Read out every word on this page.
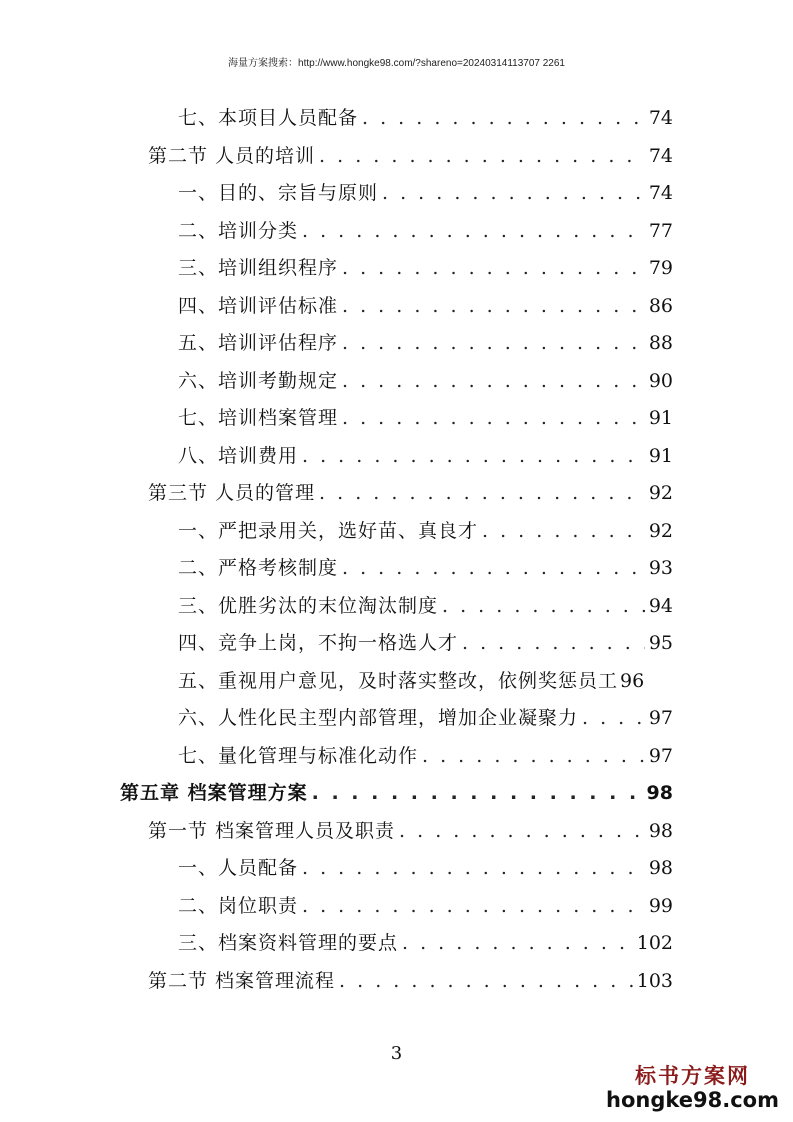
海量方案搜索：http://www.hongke98.com/?shareno=20240314113707 2261
七、本项目人员配备 . . .	74
第二节 人员的培训 . . .	74
一、目的、宗旨与原则 . . .	74
二、培训分类 . . .	77
三、培训组织程序 . . .	79
四、培训评估标准 . . .	86
五、培训评估程序 . . .	88
六、培训考勤规定 . . .	90
七、培训档案管理 . . .	91
八、培训费用 . . .	91
第三节 人员的管理 . . .	92
一、严把录用关，选好苗、真良才 . . .	92
二、严格考核制度 . . .	93
三、优胜劣汰的末位淘汰制度 . . .	94
四、竞争上岗，不拘一格选人才 . . .	95
五、重视用户意见，及时落实整改，依例奖惩员工 96
六、人性化民主型内部管理，增加企业凝聚力 . . .	97
七、量化管理与标准化动作 . . .	97
第五章 档案管理方案 . . .	98
第一节 档案管理人员及职责 . . .	98
一、人员配备 . . .	98
二、岗位职责 . . .	99
三、档案资料管理的要点 . . .	102
第二节 档案管理流程 . . .	103
3
标书方案网
hongke98.com
